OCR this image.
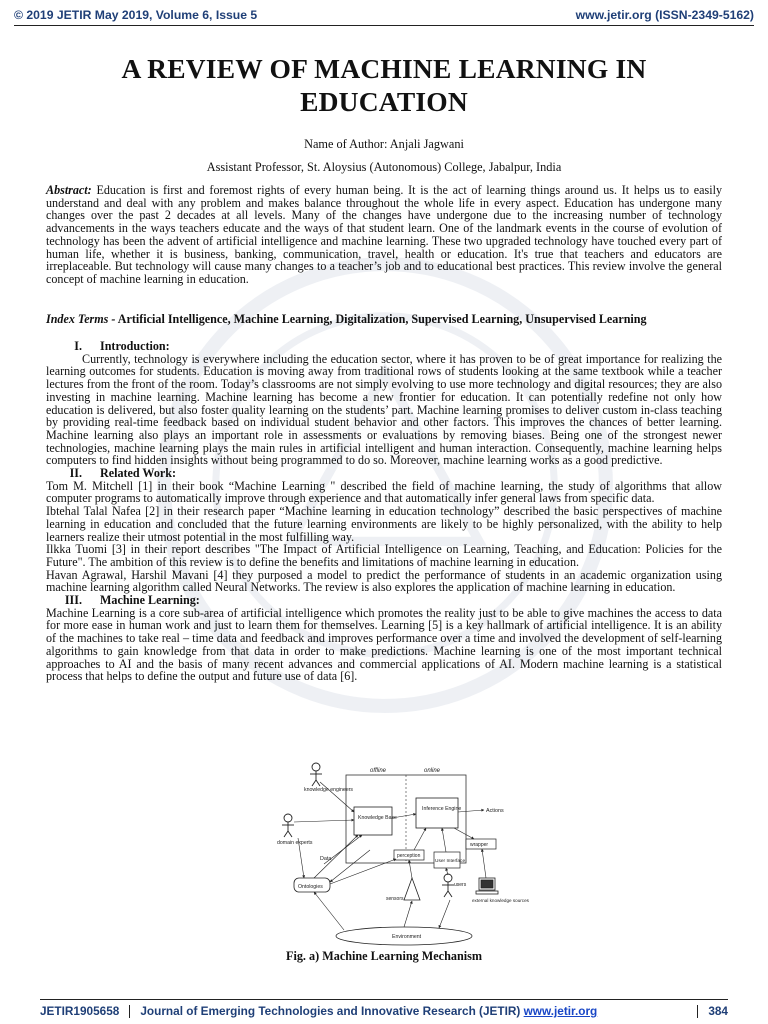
© 2019 JETIR May 2019, Volume 6, Issue 5	www.jetir.org (ISSN-2349-5162)
A REVIEW OF MACHINE LEARNING IN EDUCATION
Name of Author: Anjali Jagwani
Assistant Professor, St. Aloysius (Autonomous) College, Jabalpur, India

Abstract: Education is first and foremost rights of every human being. It is the act of learning things around us. It helps us to easily understand and deal with any problem and makes balance throughout the whole life in every aspect. Education has undergone many changes over the past 2 decades at all levels. Many of the changes have undergone due to the increasing number of technology advancements in the ways teachers educate and the ways of that student learn. One of the landmark events in the course of evolution of technology has been the advent of artificial intelligence and machine learning. These two upgraded technology have touched every part of human life, whether it is business, banking, communication, travel, health or education. It's true that teachers and educators are irreplaceable. But technology will cause many changes to a teacher’s job and to educational best practices. This review involve the general concept of machine learning in education.

Index Terms - Artificial Intelligence, Machine Learning, Digitalization, Supervised Learning, Unsupervised Learning

I. Introduction:

Currently, technology is everywhere including the education sector, where it has proven to be of great importance for realizing the learning outcomes for students. Education is moving away from traditional rows of students looking at the same textbook while a teacher lectures from the front of the room. Today’s classrooms are not simply evolving to use more technology and digital resources; they are also investing in machine learning. Machine learning has become a new frontier for education. It can potentially redefine not only how education is delivered, but also foster quality learning on the students’ part. Machine learning promises to deliver custom in-class teaching by providing real-time feedback based on individual student behavior and other factors. This improves the chances of better learning. Machine learning also plays an important role in assessments or evaluations by removing biases. Being one of the strongest newer technologies, machine learning plays the main rules in artificial intelligent and human interaction. Consequently, machine learning helps computers to find hidden insights without being programmed to do so. Moreover, machine learning works as a good predictive.

II. Related Work:

Tom M. Mitchell [1] in their book “Machine Learning " described the field of machine learning, the study of algorithms that allow computer programs to automatically improve through experience and that automatically infer general laws from specific data.

Ibtehal Talal Nafea [2] in their research paper “Machine learning in education technology” described the basic perspectives of machine learning in education and concluded that the future learning environments are likely to be highly personalized, with the ability to help learners realize their utmost potential in the most fulfilling way.

Ilkka Tuomi [3] in their report describes "The Impact of Artificial Intelligence on Learning, Teaching, and Education: Policies for the Future". The ambition of this review is to define the benefits and limitations of machine learning in education.

Havan Agrawal, Harshil Mavani [4] they purposed a model to predict the performance of students in an academic organization using machine learning algorithm called Neural Networks. The review is also explores the application of machine learning in education.

III. Machine Learning:

Machine Learning is a core sub-area of artificial intelligence which promotes the reality just to be able to give machines the access to data for more ease in human work and just to learn them for themselves. Learning [5] is a key hallmark of artificial intelligence. It is an ability of the machines to take real – time data and feedback and improves performance over a time and involved the development of self-learning algorithms to gain knowledge from that data in order to make predictions. Machine learning is one of the most important technical approaches to AI and the basis of many recent advances and commercial applications of AI. Modern machine learning is a statistical process that helps to define the output and future use of data [6].

offline	online
knowledge engineers
domain experts
Knowledge Base
Inference Engine	Actions
wrapper
perception
User Interface
Data
Ontologies
sensors
users
external knowledge sources
Environment
Fig. a) Machine Learning Mechanism
JETIR1905658 Journal of Emerging Technologies and Innovative Research (JETIR) www.jetir.org	384
